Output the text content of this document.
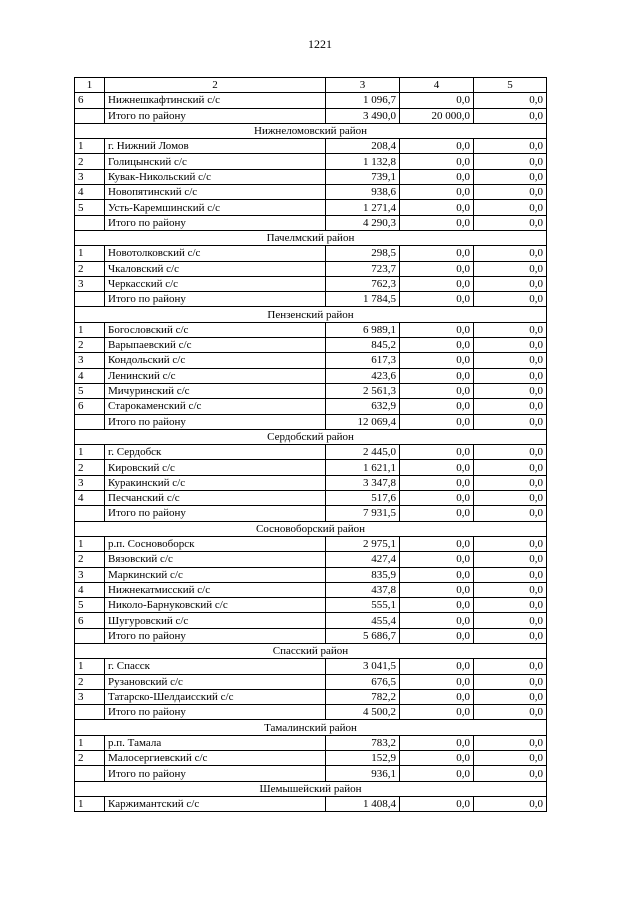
1221
1	2	3	4	5
6	Нижнешкафтинский с/с	1 096,7	0,0	0,0
	Итого по району	3 490,0	20 000,0	0,0
Нижнеломовский район				
1	г. Нижний Ломов	208,4	0,0	0,0
2	Голицынский с/с	1 132,8	0,0	0,0
3	Кувак-Никольский с/с	739,1	0,0	0,0
4	Новопятинский с/с	938,6	0,0	0,0
5	Усть-Каремшинский с/с	1 271,4	0,0	0,0
	Итого по району	4 290,3	0,0	0,0
Пачелмский район				
1	Новотолковский с/с	298,5	0,0	0,0
2	Чкаловский с/с	723,7	0,0	0,0
3	Черкасский с/с	762,3	0,0	0,0
	Итого по району	1 784,5	0,0	0,0
Пензенский район				
1	Богословский с/с	6 989,1	0,0	0,0
2	Варыпаевский с/с	845,2	0,0	0,0
3	Кондольский с/с	617,3	0,0	0,0
4	Ленинский с/с	423,6	0,0	0,0
5	Мичуринский с/с	2 561,3	0,0	0,0
6	Старокаменский с/с	632,9	0,0	0,0
	Итого по району	12 069,4	0,0	0,0
Сердобский район				
1	г. Сердобск	2 445,0	0,0	0,0
2	Кировский с/с	1 621,1	0,0	0,0
3	Куракинский с/с	3 347,8	0,0	0,0
4	Песчанский с/с	517,6	0,0	0,0
	Итого по району	7 931,5	0,0	0,0
Сосновоборский район				
1	р.п. Сосновоборск	2 975,1	0,0	0,0
2	Вязовский с/с	427,4	0,0	0,0
3	Маркинский с/с	835,9	0,0	0,0
4	Нижнекатмисский с/с	437,8	0,0	0,0
5	Николо-Барнуковский с/с	555,1	0,0	0,0
6	Шугуровский с/с	455,4	0,0	0,0
	Итого по району	5 686,7	0,0	0,0
Спасский район				
1	г. Спасск	3 041,5	0,0	0,0
2	Рузановский с/с	676,5	0,0	0,0
3	Татарско-Шелдаисский с/с	782,2	0,0	0,0
	Итого по району	4 500,2	0,0	0,0
Тамалинский район				
1	р.п. Тамала	783,2	0,0	0,0
2	Малосергиевский с/с	152,9	0,0	0,0
	Итого по району	936,1	0,0	0,0
Шемышейский район				
1	Каржимантский с/с	1 408,4	0,0	0,0
